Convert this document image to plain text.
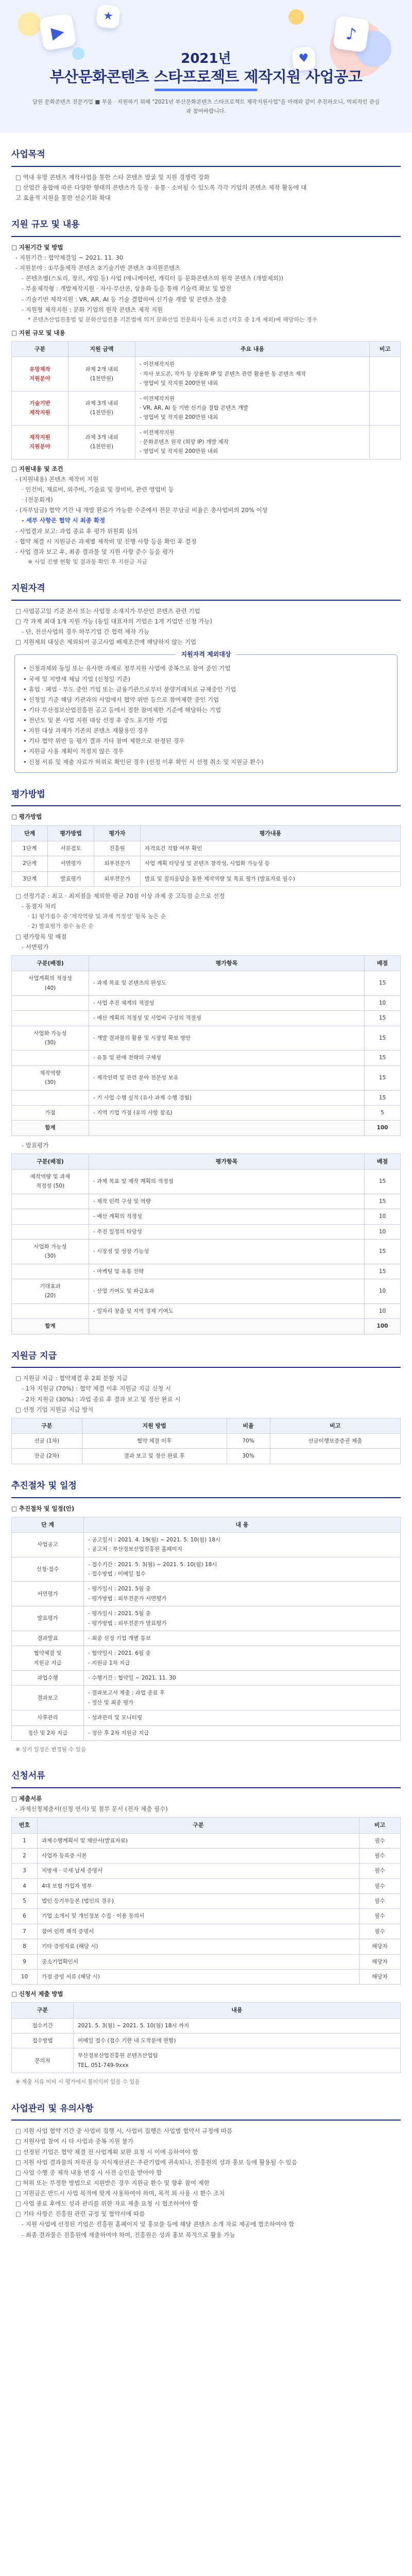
▶	♪
★
♥
2021년
부산문화콘텐츠 스타프로젝트 제작지원 사업공고
담원 문화콘텐츠 전문기업 ■ 부울 · 지원하기 위해 "2021년 부산문화콘텐츠 스타프로젝트 제작지원사업"을 아래와 같이 추진하오니, 역외적인 관심과 참여바랍니다.
사업목적
□ 역내 유망 콘텐츠 제작사업을 통한 스타 콘텐츠 발굴 및 지원 경쟁력 강화
□ 산업간 융합에 따른 다양한 형태의 콘텐츠가 등장 · 유통 · 소비될 수 있도록 각각 기업의 콘텐츠 제작 활동에 대
고 효율적 지원을 통한 선순기화 확대
지원 규모 및 내용
□ 지원기간 및 방법
- 지원기간 : 협약체결일 ~ 2021. 11. 30
- 지원분야 : ①부울제작 콘텐츠 ②기술기반 콘텐츠 ③지원콘텐츠
- 콘텐츠별(스토리, 장르, 게임 등) 사업 (애니메이션, 캐릭터 등 문화콘텐츠의 원작 콘텐츠 (개발제외))
- 부울제작형 : 개발제작지원 · 자사·부산콘, 상용화 등을 통해 기술력 확보 및 발전
- 기술기반 제작지원 : VR, AR, AI 등 기술 결합하여 신기술 개발 및 콘텐츠 창출
- 지원형 제작지원 : 문화 기업의 원작 콘텐츠 제작 지원
* 콘텐츠산업진흥법 및 문화산업진흥 기본법에 의거 문화산업 전문회사 등록 요건 (각호 중 1개 제외)에 해당하는 경우
□ 지원 규모 및 내용
구분	지원 금액	주요 내용	비고
유망제작
지원분야	과제 2개 내외
(1천만원)	- 이전제작지원
· 자사 보도콘, 작가 등 상용화 IP 및 콘텐츠 관련 활용한 동 콘텐츠 제작
- 영업비 및 작지원 200만원 내외	
기술기반
제작지원	과제 3개 내외
(1천만원)	- 이전제작지원
· VR, AR, AI 등 기반 신기술 결합 콘텐츠 개발
- 영업비 및 작지원 200만원 내외	
제작지원
지원분야	과제 3개 내외
(1천만원)	- 이전제작지원
· 문화콘텐츠 원작 (희망 IP) 개발 제작
- 영업비 및 작지원 200만원 내외	
□ 지원내용 및 조건
- (지원내용) 콘텐츠 제작비 지원
· 인건비, 재료비, 외주비, 기술료 및 장비비, 관련 영업비 등
· (전문회계)
- (자부담금) 협약 기간 내 개발 완료가 가능한 수준에서 전문 부담금 비율은 총사업비의 20% 이상
- 세부 사항은 협약 시 최종 확정
- 사업결과 보고: 과업 종료 후 평가 위원회 심의
- 협약 체결 시 지원금은 과제별 제작비 및 진행 사항 등을 확인 후 결정
- 사업 결과 보고 후, 최종 결과물 및 지원 사항 준수 등을 평가
※ 사업 진행 현황 및 결과물 확인 후 지원금 지급
지원자격
□ 사업공고일 기준 본사 또는 사업장 소재지가 부산인 콘텐츠 관련 기업
□ 각 과제 최대 1개 지원 가능 (동일 대표자의 기업은 1개 기업만 신청 가능)
- 단, 전산사업의 경우 하부기업 간 협력 제작 가능
□ 지원제외 대상은 제외되어 공고사업 배제조건에 해당하지 않는 기업
지원자격 제외대상
• 신청과제와 동일 또는 유사한 과제로 정부지원 사업에 중복으로 참여 중인 기업
• 국세 및 지방세 체납 기업 (신청일 기준)
• 휴업 · 폐업 · 부도 중인 기업 또는 금융기관으로부터 불량거래처로 규제중인 기업
• 신청일 기준 해당 기관과의 사업에서 협약 위반 등으로 참여제한 중인 기업
• 기타 부산정보산업진흥원 공고 등에서 정한 참여제한 기준에 해당하는 기업
• 전년도 및 본 사업 지원 대상 선정 후 중도 포기한 기업
• 지원 대상 과제가 기존의 콘텐츠 재활용인 경우
• 기타 협약 위반 등 평가 결과 기타 참여 제한으로 판정된 경우
• 지원금 사용 계획이 적정치 않은 경우
• 신청 서류 및 제출 자료가 허위로 확인된 경우 (선정 이후 확인 시 선정 취소 및 지원금 환수)
평가방법
□ 평가방법
단계	평가방법	평가자	평가내용
1단계	서류검토	진흥원	자격요건 적합 여부 확인
2단계	서면평가	외부전문가	사업 계획 타당성 및 콘텐츠 창작성, 사업화 가능성 등
3단계	발표평가	외부전문가	발표 및 질의응답을 통한 제작역량 및 목표 평가 (발표자료 필수)
□ 선정기준 : 최고 · 최저점을 제외한 평균 70점 이상 과제 중 고득점 순으로 선정
- 동점자 처리
· 1) 평가점수 중 '제작역량 및 과제 적정성' 항목 높은 순
· 2) 발표평가 점수 높은 순
□ 평가항목 및 배점
- 서면평가
구분(배점)	평가항목	배점
사업계획의 적정성
(40)	- 과제 목표 및 콘텐츠의 완성도	15
	- 사업 추진 체계의 적절성	10
	- 예산 계획의 적정성 및 사업비 구성의 적절성	15
사업화 가능성
(30)	- 개발 결과물의 활용 및 시장성 확보 방안	15
	- 유통 및 판매 전략의 구체성	15
제작역량
(30)	- 제작인력 및 관련 분야 전문성 보유	15
	- 기 사업 수행 실적 (유사 과제 수행 경험)	15
가점	- 지역 기업 가점 (유의 사항 참조)	5
합계		100
- 발표평가
구분(배점)	평가항목	배점
제작역량 및 과제
적정성 (50)	- 과제 목표 및 제작 계획의 적정성	15
	- 제작 인력 구성 및 역량	15
	- 예산 계획의 적정성	10
	- 추진 일정의 타당성	10
사업화 가능성
(30)	- 시장성 및 성장 가능성	15
	- 마케팅 및 유통 전략	15
기대효과
(20)	- 산업 기여도 및 파급효과	10
	- 일자리 창출 및 지역 경제 기여도	10
합계		100
지원금 지급
□ 지원금 지급 : 협약체결 후 2회 분할 지급
- 1차 지원금 (70%) : 협약 체결 이후 지원금 지급 신청 시
- 2차 지원금 (30%) : 과업 종료 후 결과 보고 및 정산 완료 시
□ 선정 기업 지원금 지급 방식
구분	지원 방법	비율	비고
선금 (1차)	협약 체결 이후	70%	선금이행보증증권 제출
잔금 (2차)	결과 보고 및 정산 완료 후	30%	
추진절차 및 일정
□ 추진절차 및 일정(안)
단 계	내 용
사업공고	- 공고일시 : 2021. 4. 19(월) ~ 2021. 5. 10(월) 18시
- 공고처 : 부산정보산업진흥원 홈페이지
신청·접수	- 접수기간 : 2021. 5. 3(월) ~ 2021. 5. 10(월) 18시
- 접수방법 : 이메일 접수
서면평가	- 평가일시 : 2021. 5월 중
- 평가방법 : 외부전문가 서면평가
발표평가	- 평가일시 : 2021. 5월 중
- 평가방법 : 외부전문가 발표평가
결과발표	- 최종 선정 기업 개별 통보
협약체결 및
지원금 지급	- 협약일시 : 2021. 6월 중
- 지원금 1차 지급
과업수행	- 수행기간 : 협약일 ~ 2021. 11. 30
결과보고	- 결과보고서 제출 : 과업 종료 후
- 정산 및 최종 평가
사후관리	- 성과관리 및 모니터링
정산 및 2차 지급	- 정산 후 2차 지원금 지급
※ 상기 일정은 변경될 수 있음
신청서류
□ 제출서류
- 과제신청제출서(신청 연서) 및 첨부 문서 (전자 제출 필수)
번호	구분	비고
1	과제수행계획서 및 제안서(발표자료)	필수
2	사업자 등록증 사본	필수
3	지방세 · 국세 납세 증명서	필수
4	4대 보험 가입자 명부	필수
5	법인 등기부등본 (법인의 경우)	필수
6	기업 소개서 및 개인정보 수집 · 이용 동의서	필수
7	참여 인력 재직 증명서	필수
8	기타 증빙자료 (해당 시)	해당자
9	중소기업확인서	해당자
10	가점 증빙 서류 (해당 시)	해당자
□ 신청서 제출 방법
구분	내용
접수기간	2021. 5. 3(월) ~ 2021. 5. 10(월) 18시 까지
접수방법	이메일 접수 (접수 기한 내 도착분에 한함)
문의처	부산정보산업진흥원 콘텐츠산업팀
TEL. 051-749-9xxx
※ 제출 서류 미비 시 평가에서 불이익이 있을 수 있음
사업관리 및 유의사항
□ 지원 사업 협약 기간 중 사업비 집행 시, 사업비 집행은 사업별 협약서 규정에 따름
□ 지원사업 참여 시 타 사업과 중복 지원 불가
□ 선정된 기업은 협약 체결 전 사업계획 보완 요청 시 이에 응하여야 함
□ 지원 사업 결과물의 저작권 등 지식재산권은 주관기업에 귀속되나, 진흥원의 성과 홍보 등에 활용될 수 있음
□ 사업 수행 중 제작 내용 변경 시 사전 승인을 받아야 함
□ 허위 또는 부정한 방법으로 지원받은 경우 지원금 환수 및 향후 참여 제한
□ 지원금은 반드시 사업 목적에 맞게 사용하여야 하며, 목적 외 사용 시 환수 조치
□ 사업 종료 후에도 성과 관리를 위한 자료 제출 요청 시 협조하여야 함
□ 기타 사항은 진흥원 관련 규정 및 협약서에 따름
- 지원 사업에 선정된 기업은 진흥원 홈페이지 및 홍보물 등에 해당 콘텐츠 소개 자료 제공에 협조하여야 함
- 최종 결과물은 진흥원에 제출하여야 하며, 진흥원은 성과 홍보 목적으로 활용 가능
